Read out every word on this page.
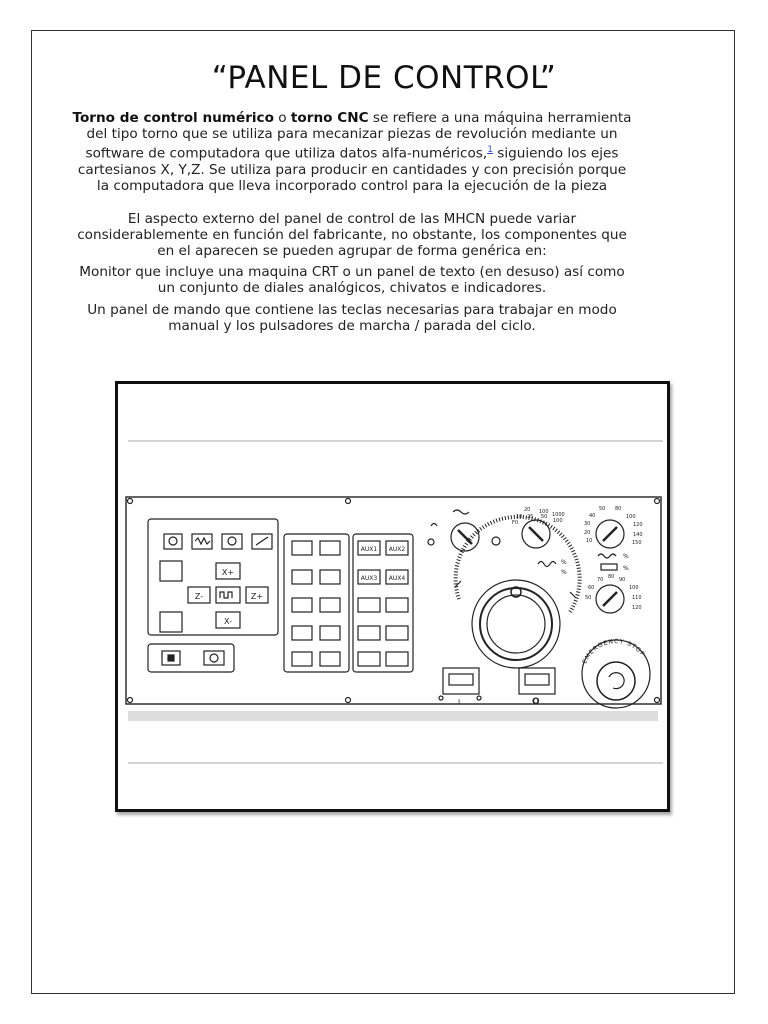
“PANEL DE CONTROL”
Torno de control numérico o torno CNC se refiere a una máquina herramienta del tipo torno que se utiliza para mecanizar piezas de revolución mediante un software de computadora que utiliza datos alfa-numéricos,$^1$ siguiendo los ejes cartesianos X, Y,Z. Se utiliza para producir en cantidades y con precisión porque la computadora que lleva incorporado control para la ejecución de la pieza
El aspecto externo del panel de control de las MHCN puede variar considerablemente en función del fabricante, no obstante, los componentes que en el aparecen se pueden agrupar de forma genérica en:
Monitor que incluye una maquina CRT o un panel de texto (en desuso) así como un conjunto de diales analógicos, chivatos e indicadores.
Un panel de mando que contiene las teclas necesarias para trabajar en modo manual y los pulsadores de marcha / parada del ciclo.
X+
Z-	Z+
X-
AUX1 AUX2
AUX3 AUX4
20 100
10 25 50 1000
F0	100
%
%
50 80
40	100
30	120
20	140
10	150
%
%
70 80 90
60	100
50	110
120
EMERGENCY STOP
I	O
